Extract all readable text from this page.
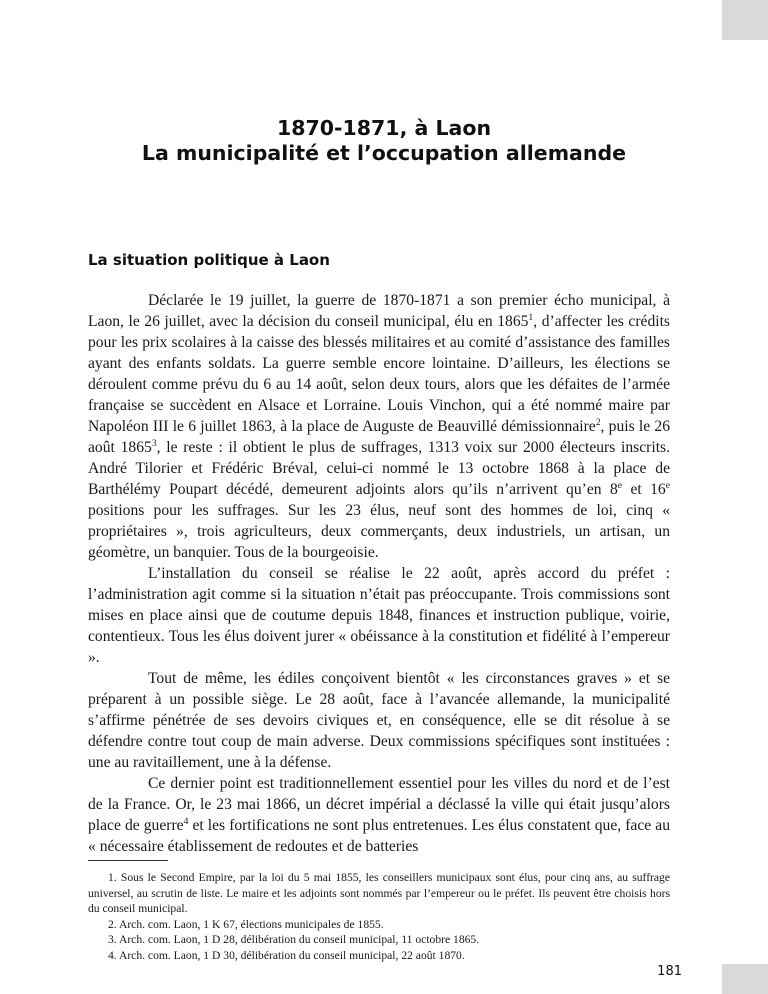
1870-1871, à Laon
La municipalité et l’occupation allemande
La situation politique à Laon

Déclarée le 19 juillet, la guerre de 1870-1871 a son premier écho municipal, à Laon, le 26 juillet, avec la décision du conseil municipal, élu en 1865$^1$, d’affecter les crédits pour les prix scolaires à la caisse des blessés militaires et au comité d’assistance des familles ayant des enfants soldats. La guerre semble encore lointaine. D’ailleurs, les élections se déroulent comme prévu du 6 au 14 août, selon deux tours, alors que les défaites de l’armée française se succèdent en Alsace et Lorraine. Louis Vinchon, qui a été nommé maire par Napoléon III le 6 juillet 1863, à la place de Auguste de Beauvillé démissionnaire$^2$, puis le 26 août 1865$^3$, le reste : il obtient le plus de suffrages, 1313 voix sur 2000 électeurs inscrits. André Tilorier et Frédéric Bréval, celui-ci nommé le 13 octobre 1868 à la place de Barthélémy Poupart décédé, demeurent adjoints alors qu’ils n’arrivent qu’en 8e et 16e positions pour les suffrages. Sur les 23 élus, neuf sont des hommes de loi, cinq « propriétaires », trois agriculteurs, deux commerçants, deux industriels, un artisan, un géomètre, un banquier. Tous de la bourgeoisie.

L’installation du conseil se réalise le 22 août, après accord du préfet : l’administration agit comme si la situation n’était pas préoccupante. Trois commissions sont mises en place ainsi que de coutume depuis 1848, finances et instruction publique, voirie, contentieux. Tous les élus doivent jurer « obéissance à la constitution et fidélité à l’empereur ».

Tout de même, les édiles conçoivent bientôt « les circonstances graves » et se préparent à un possible siège. Le 28 août, face à l’avancée allemande, la municipalité s’affirme pénétrée de ses devoirs civiques et, en conséquence, elle se dit résolue à se défendre contre tout coup de main adverse. Deux commissions spécifiques sont instituées : une au ravitaillement, une à la défense.

Ce dernier point est traditionnellement essentiel pour les villes du nord et de l’est de la France. Or, le 23 mai 1866, un décret impérial a déclassé la ville qui était jusqu’alors place de guerre$^4$ et les fortifications ne sont plus entretenues. Les élus constatent que, face au « nécessaire établissement de redoutes et de batteries

1. Sous le Second Empire, par la loi du 5 mai 1855, les conseillers municipaux sont élus, pour cinq ans, au suffrage universel, au scrutin de liste. Le maire et les adjoints sont nommés par l’empereur ou le préfet. Ils peuvent être choisis hors du conseil municipal.

2. Arch. com. Laon, 1 K 67, élections municipales de 1855.

3. Arch. com. Laon, 1 D 28, délibération du conseil municipal, 11 octobre 1865.

4. Arch. com. Laon, 1 D 30, délibération du conseil municipal, 22 août 1870.

181
